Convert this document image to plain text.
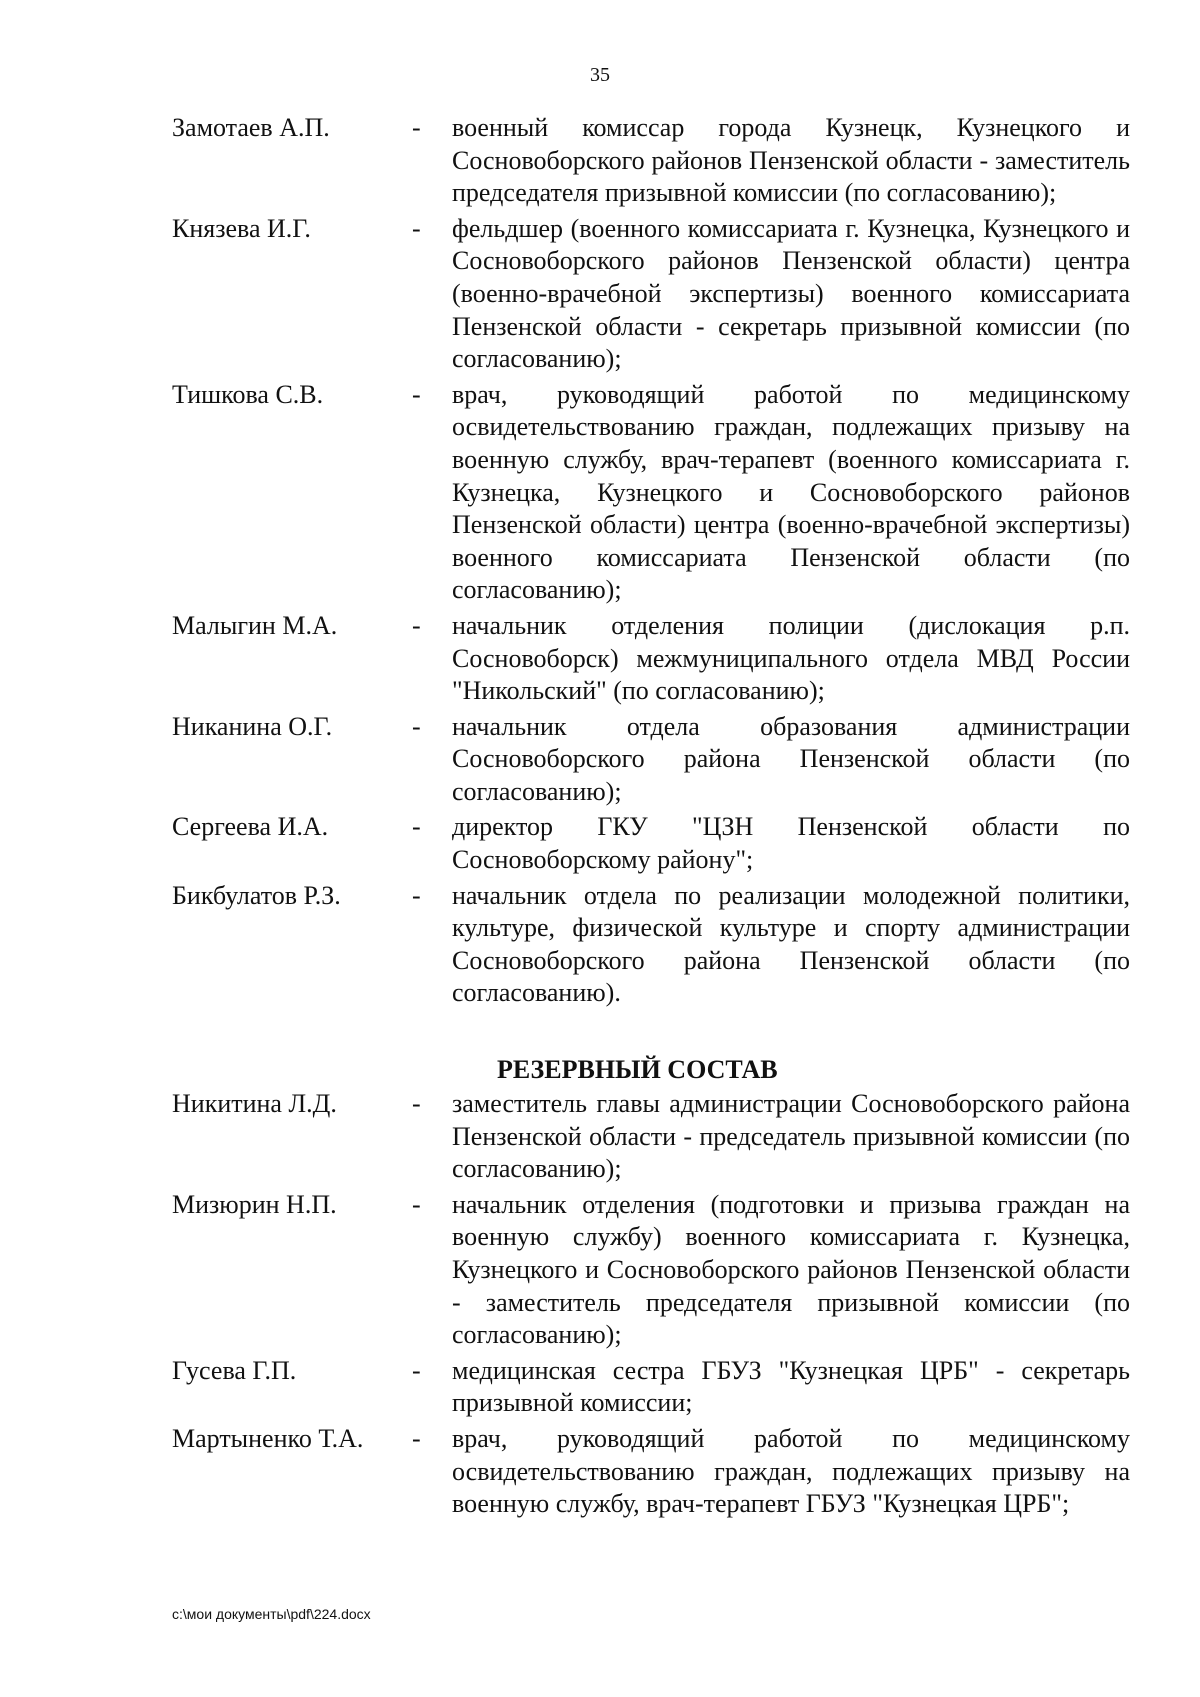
35
Замотаев А.П.	-	военный комиссар города Кузнецк, Кузнецкого и Сосновоборского районов Пензенской области - заместитель председателя призывной комиссии (по согласованию);
Князева И.Г.	-	фельдшер (военного комиссариата г. Кузнецка, Кузнецкого и Сосновоборского районов Пензенской области) центра (военно-врачебной экспертизы) военного комиссариата Пензенской области - секретарь призывной комиссии (по согласованию);
Тишкова С.В.	-	врач, руководящий работой по медицинскому освидетельствованию граждан, подлежащих призыву на военную службу, врач-терапевт (военного комиссариата г. Кузнецка, Кузнецкого и Сосновоборского районов Пензенской области) центра (военно-врачебной экспертизы) военного комиссариата Пензенской области (по согласованию);
Малыгин М.А.	-	начальник отделения полиции (дислокация р.п. Сосновоборск) межмуниципального отдела МВД России "Никольский" (по согласованию);
Никанина О.Г.	-	начальник отдела образования администрации Сосновоборского района Пензенской области (по согласованию);
Сергеева И.А.	-	директор ГКУ "ЦЗН Пензенской области по Сосновоборскому району";
Бикбулатов Р.З.	-	начальник отдела по реализации молодежной политики, культуре, физической культуре и спорту администрации Сосновоборского района Пензенской области (по согласованию).
РЕЗЕРВНЫЙ СОСТАВ
Никитина Л.Д.	-	заместитель главы администрации Сосновоборского района Пензенской области - председатель призывной комиссии (по согласованию);
Мизюрин Н.П.	-	начальник отделения (подготовки и призыва граждан на военную службу) военного комиссариата г. Кузнецка, Кузнецкого и Сосновоборского районов Пензенской области - заместитель председателя призывной комиссии (по согласованию);
Гусева Г.П.	-	медицинская сестра ГБУЗ "Кузнецкая ЦРБ" - секретарь призывной комиссии;
Мартыненко Т.А.	-	врач, руководящий работой по медицинскому освидетельствованию граждан, подлежащих призыву на военную службу, врач-терапевт ГБУЗ "Кузнецкая ЦРБ";
c:\мои документы\pdf\224.docx
